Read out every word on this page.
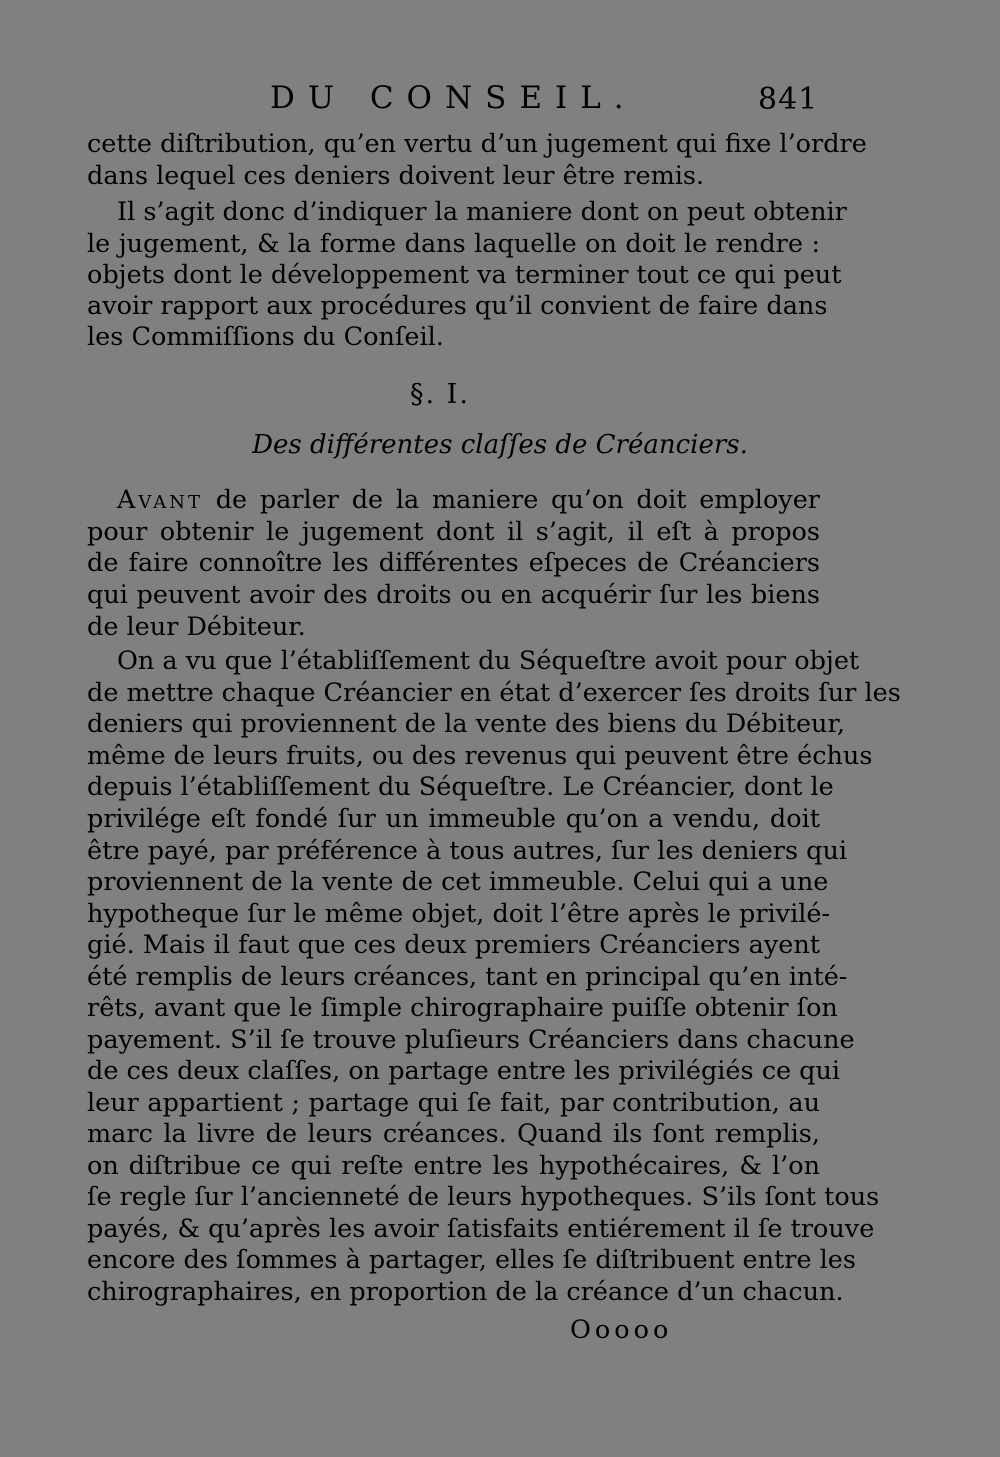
DU CONSEIL.	841
cette diſtribution, qu’en vertu d’un jugement qui fixe l’ordre
dans lequel ces deniers doivent leur être remis.
Il s’agit donc d’indiquer la maniere dont on peut obtenir
le jugement, & la forme dans laquelle on doit le rendre :
objets dont le développement va terminer tout ce qui peut
avoir rapport aux procédures qu’il convient de faire dans
les Commiſſions du Conſeil.
§. I.
Des différentes claſſes de Créanciers.
Avant de parler de la maniere qu’on doit employer
pour obtenir le jugement dont il s’agit, il eſt à propos
de faire connoître les différentes eſpeces de Créanciers
qui peuvent avoir des droits ou en acquérir ſur les biens
de leur Débiteur.
On a vu que l’établiſſement du Séqueſtre avoit pour objet
de mettre chaque Créancier en état d’exercer ſes droits ſur les
deniers qui proviennent de la vente des biens du Débiteur,
même de leurs fruits, ou des revenus qui peuvent être échus
depuis l’établiſſement du Séqueſtre. Le Créancier, dont le
privilége eſt fondé ſur un immeuble qu’on a vendu, doit
être payé, par préférence à tous autres, ſur les deniers qui
proviennent de la vente de cet immeuble. Celui qui a une
hypotheque ſur le même objet, doit l’être après le privilé-
gié. Mais il faut que ces deux premiers Créanciers ayent
été remplis de leurs créances, tant en principal qu’en inté-
rêts, avant que le ſimple chirographaire puiſſe obtenir ſon
payement. S’il ſe trouve pluſieurs Créanciers dans chacune
de ces deux claſſes, on partage entre les privilégiés ce qui
leur appartient ; partage qui ſe fait, par contribution, au
marc la livre de leurs créances. Quand ils ſont remplis,
on diſtribue ce qui reſte entre les hypothécaires, & l’on
ſe regle ſur l’ancienneté de leurs hypotheques. S’ils ſont tous
payés, & qu’après les avoir ſatisfaits entiérement il ſe trouve
encore des ſommes à partager, elles ſe diſtribuent entre les
chirographaires, en proportion de la créance d’un chacun.
Ooooo
